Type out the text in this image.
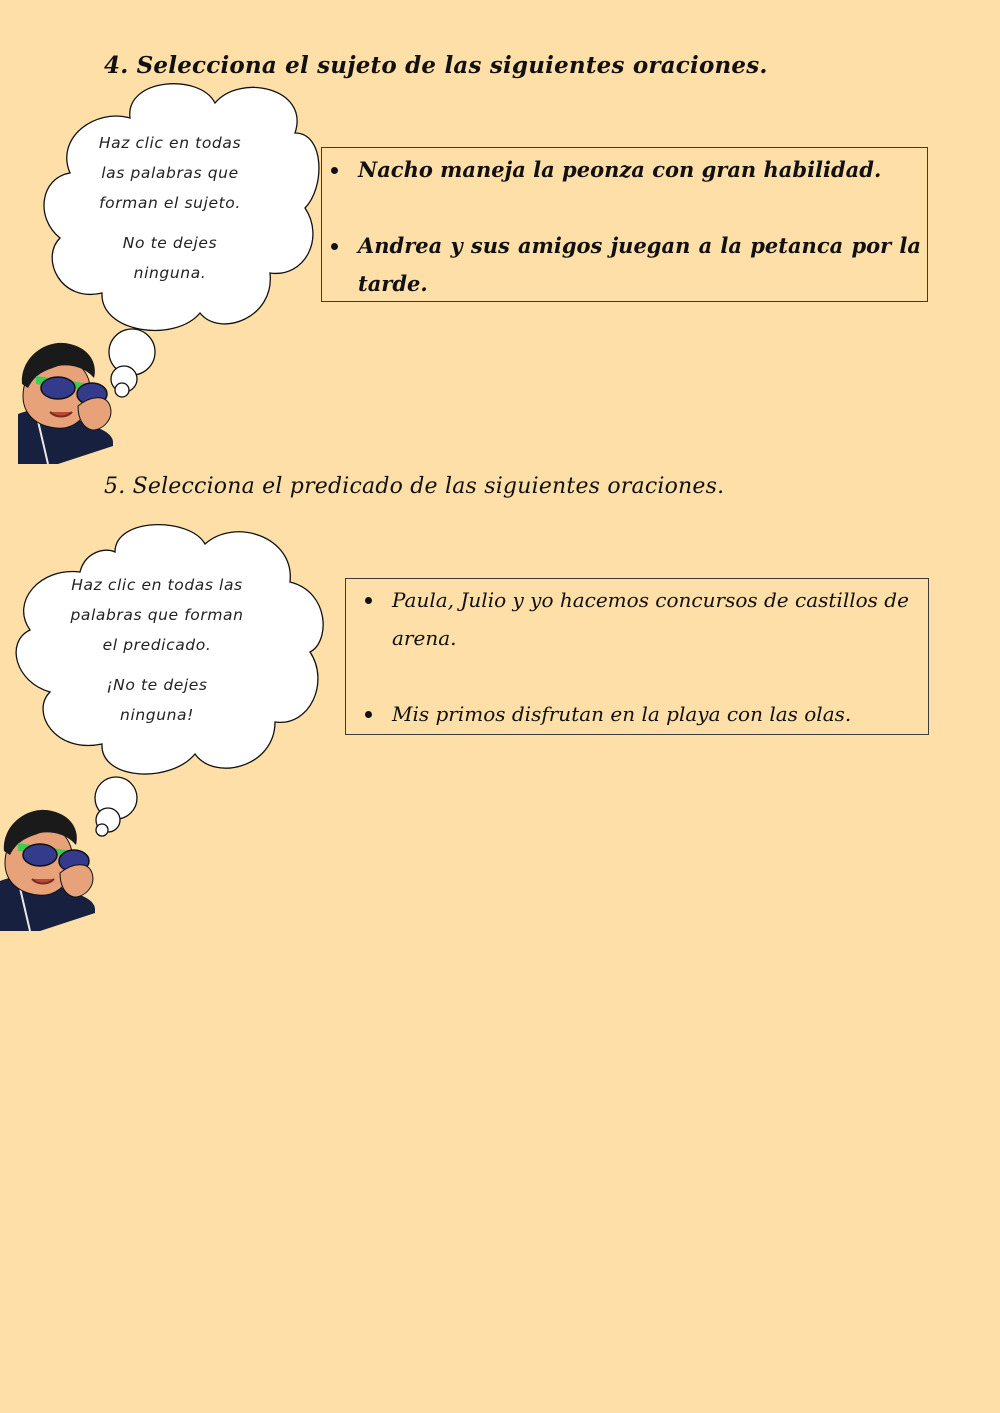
4. Selecciona el sujeto de las siguientes oraciones.

Haz clic en todas las palabras que forman el sujeto.

No te dejes ninguna.

Nacho maneja la peonza con gran habilidad.
Andrea y sus amigos juegan a la petanca por la tarde.
5. Selecciona el predicado de las siguientes oraciones.

Haz clic en todas las palabras que forman el predicado.

¡No te dejes ninguna!

Paula, Julio y yo hacemos concursos de castillos de arena.
Mis primos disfrutan en la playa con las olas.
